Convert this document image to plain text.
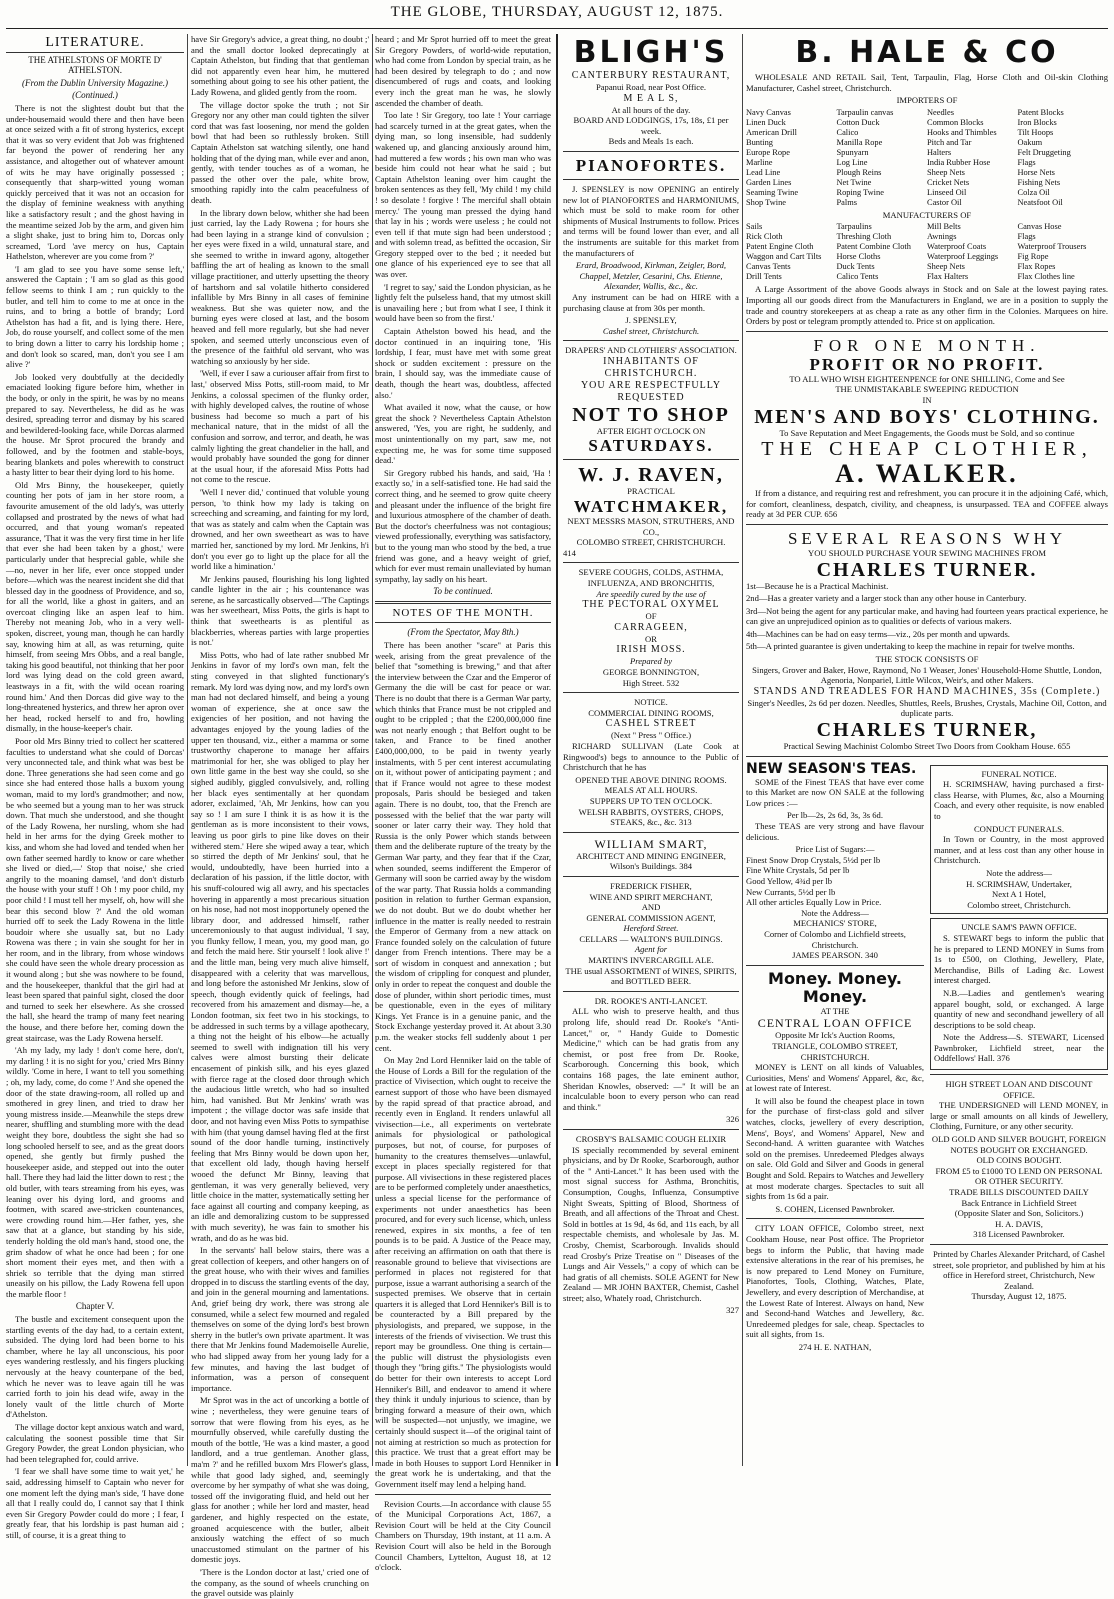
THE GLOBE, THURSDAY, AUGUST 12, 1875.
LITERATURE.
THE ATHELSTONS OF MORTE D' ATHELSTON.
(From the Dublin University Magazine.)
(Continued.)

There is not the slightest doubt but that the under-housemaid would there and then have been at once seized with a fit of strong hysterics, except that it was so very evident that Job was frightened far beyond the power of rendering her any assistance, and altogether out of whatever amount of wits he may have originally possessed ; consequently that sharp-witted young woman quickly perceived that it was not an occasion for the display of feminine weakness with anything like a satisfactory result ; and the ghost having in the meantime seized Job by the arm, and given him a slight shake, just to bring him to, Dorcas only screamed, 'Lord 'ave mercy on hus, Captain Hathelston, wherever are you come from ?'

'I am glad to see you have some sense left,' answered the Captain ; 'I am so glad as this good fellow seems to think I am ; run quickly to the butler, and tell him to come to me at once in the ruins, and to bring a bottle of brandy; Lord Athelston has had a fit, and is lying there. Here, Job, do rouse yourself, and collect some of the men to bring down a litter to carry his lordship home ; and don't look so scared, man, don't you see I am alive ?'

Job looked very doubtfully at the decidedly emaciated looking figure before him, whether in the body, or only in the spirit, he was by no means prepared to say. Nevertheless, he did as he was desired, spreading terror and dismay by his scared and bewildered-looking face, while Dorcas alarmed the house. Mr Sprot procured the brandy and followed, and by the footmen and stable-boys, bearing blankets and poles wherewith to construct a hasty litter to bear their dying lord to his home.

Old Mrs Binny, the housekeeper, quietly counting her pots of jam in her store room, a favourite amusement of the old lady's, was utterly collapsed and prostrated by the news of what had occurred, and that young woman's repeated assurance, 'That it was the very first time in her life that ever she had been taken by a ghost,' were particularly under that hesprecial gable, while she—no, never in her life, ever once stopped under before—which was the nearest incident she did that blessed day in the goodness of Providence, and so, for all the world, like a ghost in gaiters, and an overcoat clinging like an aspen leaf to him. Thereby not meaning Job, who in a very well-spoken, discreet, young man, though he can hardly say, knowing him at all, as was returning, quite himself, from seeing Mrs Obbs, and a real bangle, taking his good beautiful, not thinking that her poor lord was lying dead on the cold green award, leastways in a fit, with the wild ocean roaring round him.' And then Dorcas did give way to the long-threatened hysterics, and threw her apron over her head, rocked herself to and fro, howling dismally, in the house-keeper's chair.

Poor old Mrs Binny tried to collect her scattered faculties to understand what she could of Dorcas' very unconnected tale, and think what was best be done. Three generations she had seen come and go since she had entered those halls a buxom young woman, maid to my lord's grandmother; and now, be who seemed but a young man to her was struck down. That much she understood, and she thought of the Lady Rowena, her nursling, whom she had held in her arms for the dying Greek mother to kiss, and whom she had loved and tended when her own father seemed hardly to know or care whether she lived or died,—' Stop that noise,' she cried angrily to the moaning damsel, 'and don't disturb the house with your stuff ! Oh ! my poor child, my poor child ! I must tell her myself, oh, how will she bear this second blow ?' And the old woman hurried off to seek the Lady Rowena in the little boudoir where she usually sat, but no Lady Rowena was there ; in vain she sought for her in her room, and in the library, from whose windows she could have seen the whole dreary procession as it wound along ; but she was nowhere to be found, and the housekeeper, thankful that the girl had at least been spared that painful sight, closed the door and turned to seek her elsewhere. As she crossed the hall, she heard the tramp of many feet nearing the house, and there before her, coming down the great staircase, was the Lady Rowena herself.

'Ah my lady, my lady ! don't come here, don't, my darling ! it is no sight for you,' cried Mrs Binny wildly. 'Come in here, I want to tell you something ; oh, my lady, come, do come !' And she opened the door of the state drawing-room, all rolled up and smothered in grey linen, and tried to draw her young mistress inside.—Meanwhile the steps drew nearer, shuffling and stumbling more with the dead weight they bore, doubtless the sight she had so long schooled herself to see, and as the great doors opened, she gently but firmly pushed the housekeeper aside, and stepped out into the outer hall. There they had laid the litter down to rest ; the old butler, with tears streaming from his eyes, was leaning over his dying lord, and grooms and footmen, with scared awe-stricken countenances, were crowding round him.—Her father, yes, she saw that at a glance, but standing by his side, tenderly holding the old man's hand, stood one, the grim shadow of what he once had been ; for one short moment their eyes met, and then with a shriek so terrible that the dying man stirred uneasily on his pillow, the Lady Rowena fell upon the marble floor !

Chapter V.

The bustle and excitement consequent upon the startling events of the day had, to a certain extent, subsided. The dying lord had been borne to his chamber, where he lay all unconscious, his poor eyes wandering restlessly, and his fingers plucking nervously at the heavy counterpane of the bed, which he never was to leave again till he was carried forth to join his dead wife, away in the lonely vault of the little church of Morte d'Athelston.

The village doctor kept anxious watch and ward, calculating the soonest possible time that Sir Gregory Powder, the great London physician, who had been telegraphed for, could arrive.

'I fear we shall have some time to wait yet,' he said, addressing himself to Captain who never for one moment left the dying man's side, 'I have done all that I really could do, I cannot say that I think even Sir Gregory Powder could do more ; I fear, I greatly fear, that his lordship is past human aid ; still, of course, it is a great thing to

have Sir Gregory's advice, a great thing, no doubt ;' and the small doctor looked deprecatingly at Captain Athelston, but finding that that gentleman did not apparently even hear him, he muttered something about going to see his other patient, the Lady Rowena, and glided gently from the room.

The village doctor spoke the truth ; not Sir Gregory nor any other man could tighten the silver cord that was fast loosening, nor mend the golden bowl that had been so ruthlessly broken. Still Captain Athelston sat watching silently, one hand holding that of the dying man, while ever and anon, gently, with tender touches as of a woman, he passed the other over the pale, white brow, smoothing rapidly into the calm peacefulness of death.

In the library down below, whither she had been just carried, lay the Lady Rowena ; for hours she had been laying in a strange kind of convulsion ; her eyes were fixed in a wild, unnatural stare, and she seemed to writhe in inward agony, altogether baffling the art of healing as known to the small village practitioner, and utterly upsetting the theory of hartshorn and sal volatile hitherto considered infallible by Mrs Binny in all cases of feminine weakness. But she was quieter now, and the burning eyes were closed at last, and the bosom heaved and fell more regularly, but she had never spoken, and seemed utterly unconscious even of the presence of the faithful old servant, who was watching so anxiously by her side.

'Well, if ever I saw a curiouser affair from first to last,' observed Miss Potts, still-room maid, to Mr Jenkins, a colossal specimen of the flunky order, with highly developed calves, the routine of whose business had become so much a part of his mechanical nature, that in the midst of all the confusion and sorrow, and terror, and death, he was calmly lighting the great chandelier in the hall, and would probably have sounded the gong for dinner at the usual hour, if the aforesaid Miss Potts had not come to the rescue.

'Well I never did,' continued that voluble young person, 'to think how my lady is taking on screeching and screaming, and fainting for my lord, that was as stately and calm when the Captain was drowned, and her own sweetheart as was to have married her, sanctioned by my lord. Mr Jenkins, h'i don't you ever go to light up the place for all the world like a himination.'

Mr Jenkins paused, flourishing his long lighted candle lighter in the air ; his countenance was serene, as he sarcastically observed—'The Captings was her sweetheart, Miss Potts, the girls is hapt to think that sweethearts is as plentiful as blackberries, whereas parties with large properties is not.'

Miss Potts, who had of late rather snubbed Mr Jenkins in favor of my lord's own man, felt the sting conveyed in that slighted functionary's remark. My lord was dying now, and my lord's own man had not declared himself, and being a young woman of experience, she at once saw the exigencies of her position, and not having the advantages enjoyed by the young ladies of the upper ten thousand, viz., either a mamma or some trustworthy chaperone to manage her affairs matrimonial for her, she was obliged to play her own little game in the best way she could, so she sighed audibly, giggled convulsively, and, rolling her black eyes sentimentally at her quondam adorer, exclaimed, 'Ah, Mr Jenkins, how can you say so ! I am sure I think it is as how it is the gentleman as is more inconsistent to their vows, leaving us poor girls to pine like doves on their withered stem.' Here she wiped away a tear, which so stirred the depth of Mr Jenkins' soul, that he would, undoubtedly, have been hurried into a declaration of his passion, if the little doctor, with his snuff-coloured wig all awry, and his spectacles hovering in apparently a most precarious situation on his nose, had not most inopportunely opened the library door, and addressed himself, rather unceremoniously to that august individual, 'I say, you flunky fellow, I mean, you, my good man, go and fetch the maid here. Stir yourself ! look alive !' and the little man, being very much alive himself, disappeared with a celerity that was marvellous, and long before the astonished Mr Jenkins, slow of speech, though evidently quick of feelings, had recovered from his amazement and dismay—he, a London footman, six feet two in his stockings, to be addressed in such terms by a village apothecary, a thing not the height of his elbow—he actually seemed to swell with indignation till his very calves were almost bursting their delicate encasement of pinkish silk, and his eyes glazed with fierce rage at the closed door through which the audacious little wretch, who had so insulted him, had vanished. But Mr Jenkins' wrath was impotent ; the village doctor was safe inside that door, and not having even Miss Potts to sympathise with him (that young damsel having fled at the first sound of the door handle turning, instinctively feeling that Mrs Binny would be down upon her, that excellent old lady, though having herself wooed the defunct Mr Binny, leaving that gentleman, it was very generally believed, very little choice in the matter, systematically setting her face against all courting and company keeping, as an idle and demoralizing custom to be suppressed with much severity), he was fain to smother his wrath, and do as he was bid.

In the servants' hall below stairs, there was a great collection of keepers, and other hangers on of the great house, who with their wives and families dropped in to discuss the startling events of the day, and join in the general mourning and lamentations. And, grief being dry work, there was strong ale consumed, while a select few mourned and regaled themselves on some of the dying lord's best brown sherry in the butler's own private apartment. It was there that Mr Jenkins found Mademoiselle Aurelie, who had slipped away from her young lady for a few minutes, and having the last budget of information, was a person of consequent importance.

Mr Sprot was in the act of uncorking a bottle of wine ; nevertheless, they were genuine tears of sorrow that were flowing from his eyes, as he mournfully observed, while carefully dusting the mouth of the bottle, 'He was a kind master, a good landlord, and a true gentleman. Another glass, ma'm ?' and he refilled buxom Mrs Flower's glass, while that good lady sighed, and, seemingly overcome by her sympathy of what she was doing, tossed off the invigorating fluid, and held out her glass for another ; while her lord and master, head gardener, and highly respected on the estate, groaned acquiescence with the butler, albeit anxiously watching the effect of so much unaccustomed stimulant on the partner of his domestic joys.

'There is the London doctor at last,' cried one of the company, as the sound of wheels crunching on the gravel outside was plainly

heard ; and Mr Sprot hurried off to meet the great Sir Gregory Powders, of world-wide reputation, who had come from London by special train, as he had been desired by telegraph to do ; and now disencumbered of rugs and coats, and looking every inch the great man he was, he slowly ascended the chamber of death.

Too late ! Sir Gregory, too late ! Your carriage had scarcely turned in at the great gates, when the dying man, so long insensible, had suddenly wakened up, and glancing anxiously around him, had muttered a few words ; his own man who was beside him could not hear what he said ; but Captain Athelston leaning over him caught the broken sentences as they fell, 'My child ! my child ! so desolate ! forgive ! The merciful shall obtain mercy.' The young man pressed the dying hand that lay in his ; words were useless ; he could not even tell if that mute sign had been understood ; and with solemn tread, as befitted the occasion, Sir Gregory stepped over to the bed ; it needed but one glance of his experienced eye to see that all was over.

'I regret to say,' said the London physician, as he lightly felt the pulseless hand, that my utmost skill is unavailing here ; but from what I see, I think it would have been so from the first.'

Captain Athelston bowed his head, and the doctor continued in an inquiring tone, 'His lordship, I fear, must have met with some great shock or sudden excitement : pressure on the brain, I should say, was the immediate cause of death, though the heart was, doubtless, affected also.'

What availed it now, what the cause, or how great the shock ? Nevertheless Captain Athelston answered, 'Yes, you are right, he suddenly, and most unintentionally on my part, saw me, not expecting me, he was for some time supposed dead.'

Sir Gregory rubbed his hands, and said, 'Ha ! exactly so,' in a self-satisfied tone. He had said the correct thing, and he seemed to grow quite cheery and pleasant under the influence of the bright fire and luxurious atmosphere of the chamber of death. But the doctor's cheerfulness was not contagious; viewed professionally, everything was satisfactory, but to the young man who stood by the bed, a true friend was gone, and a heavy weight of grief, which for ever must remain unalleviated by human sympathy, lay sadly on his heart.

To be continued.
NOTES OF THE MONTH.
(From the Spectator, May 8th.)

There has been another "scare" at Paris this week, arising from the great prevalence of the belief that "something is brewing," and that after the interview between the Czar and the Emperor of Germany the die will be cast for peace or war. There is no doubt that there is a German War party, which thinks that France must be not crippled and ought to be crippled ; that the £200,000,000 fine was not nearly enough ; that Belfort ought to be taken, and France to be fined another £400,000,000, to be paid in twenty yearly instalments, with 5 per cent interest accumulating on it, without power of anticipating payment ; and that if France would not agree to these modest proposals, Paris should be besieged and taken again. There is no doubt, too, that the French are possessed with the belief that the war party will sooner or later carry their way. They hold that Russia is the only Power which stands between them and the deliberate rupture of the treaty by the German War party, and they fear that if the Czar, when sounded, seems indifferent the Emperor of Germany will soon be carried away by the wisdom of the war party. That Russia holds a commanding position in relation to further German expansion, we do not doubt. But we do doubt whether her influence in the matter is really needed to restrain the Emperor of Germany from a new attack on France founded solely on the calculation of future danger from French intentions. There may be a sort of wisdom in conquest and annexation ; but the wisdom of crippling for conquest and plunder, only in order to repeat the conquest and double the dose of plunder, within short periodic times, must be questionable, even in the eyes of military Kings. Yet France is in a genuine panic, and the Stock Exchange yesterday proved it. At about 3.30 p.m. the weaker stocks fell suddenly about 1 per cent.

On May 2nd Lord Henniker laid on the table of the House of Lords a Bill for the regulation of the practice of Vivisection, which ought to receive the earnest support of those who have been dismayed by the rapid spread of that practice abroad, and recently even in England. It renders unlawful all vivisection—i.e., all experiments on vertebrate animals for physiological or pathological purposes, but not, of course, for purposes of humanity to the creatures themselves—unlawful, except in places specially registered for that purpose. All vivisections in these registered places are to be performed completely under anaesthetics, unless a special license for the performance of experiments not under anaesthetics has been procured, and for every such license, which, unless renewed, expires in six months, a fee of ten pounds is to be paid. A Justice of the Peace may, after receiving an affirmation on oath that there is reasonable ground to believe that vivisections are performed in places not registered for that purpose, issue a warrant authorising a search of the suspected premises. We observe that in certain quarters it is alleged that Lord Henniker's Bill is to be counteracted by a Bill prepared by the physiologists, and prepared, we suppose, in the interests of the friends of vivisection. We trust this report may be groundless. One thing is certain—the public will distrust the physiologists even though they "bring gifts." The physiologists would do better for their own interests to accept Lord Henniker's Bill, and endeavor to amend it where they think it unduly injurious to science, than by bringing forward a measure of their own, which will be suspected—not unjustly, we imagine, we certainly should suspect it—of the original taint of not aiming at restriction so much as protection for this practice. We trust that a great effort may be made in both Houses to support Lord Henniker in the great work he is undertaking, and that the Government itself may lend a helping hand.

Revision Courts.—In accordance with clause 55 of the Municipal Corporations Act, 1867, a Revision Court will be held at the City Council Chambers on Thursday, 19th instant, at 11 a.m. A Revision Court will also be held in the Borough Council Chambers, Lyttelton, August 18, at 12 o'clock.

BLIGH'S
CANTERBURY RESTAURANT,
Papanui Road, near Post Office.
M E A L S,
At all hours of the day.
BOARD AND LODGINGS, 17s, 18s, £1 per week.
Beds and Meals 1s each.
PIANOFORTES.

J. SPENSLEY is now OPENING an entirely new lot of PIANOFORTES and HARMONIUMS, which must be sold to make room for other shipments of Musical Instruments to follow. Prices and terms will be found lower than ever, and all the instruments are suitable for this market from the manufacturers of

Erard, Broadwood, Kirkman, Zeigler, Bord, Chappel, Metzler, Cesarini, Chs. Etienne, Alexander, Wallis, &c., &c.

Any instrument can be had on HIRE with a purchasing clause at from 30s per month.

J. SPENSLEY,
Cashel street, Christchurch.
DRAPERS' AND CLOTHIERS' ASSOCIATION.
INHABITANTS OF CHRISTCHURCH.
YOU ARE RESPECTFULLY REQUESTED
NOT TO SHOP
AFTER EIGHT O'CLOCK ON
SATURDAYS.
W. J. RAVEN,
PRACTICAL
WATCHMAKER,
NEXT MESSRS MASON, STRUTHERS, AND CO.,
COLOMBO STREET, CHRISTCHURCH.
414
SEVERE COUGHS, COLDS, ASTHMA, INFLUENZA, AND BRONCHITIS,
Are speedily cured by the use of
THE PECTORAL OXYMEL
OF
CARRAGEEN,
OR
IRISH MOSS.
Prepared by
GEORGE BONNINGTON,
High Street. 532
NOTICE.
COMMERCIAL DINING ROOMS,
CASHEL STREET
(Next " Press " Office.)

RICHARD SULLIVAN (Late Cook at Ringwood's) begs to announce to the Public of Christchurch that he has

OPENED THE ABOVE DINING ROOMS.
MEALS AT ALL HOURS.
SUPPERS UP TO TEN O'CLOCK.
WELSH RABBITS, OYSTERS, CHOPS,
STEAKS, &c., &c. 313
WILLIAM SMART,
ARCHITECT AND MINING ENGINEER,
Wilson's Buildings. 384
FREDERICK FISHER,
WINE AND SPIRIT MERCHANT,
AND
GENERAL COMMISSION AGENT,
Hereford Street.
CELLARS — WALTON'S BUILDINGS.
Agent for
MARTIN'S INVERCARGILL ALE.
THE usual ASSORTMENT of WINES, SPIRITS, and BOTTLED BEER.
DR. ROOKE'S ANTI-LANCET.

ALL who wish to preserve health, and thus prolong life, should read Dr. Rooke's "Anti-Lancet," or, " Handy Guide to Domestic Medicine," which can be had gratis from any chemist, or post free from Dr. Rooke, Scarborough. Concerning this book, which contains 168 pages, the late eminent author, Sheridan Knowles, observed: —" It will be an incalculable boon to every person who can read and think."

326
CROSBY'S BALSAMIC COUGH ELIXIR

IS specially recommended by several eminent physicians, and by Dr Rooke, Scarborough, author of the " Anti-Lancet." It has been used with the most signal success for Asthma, Bronchitis, Consumption, Coughs, Influenza, Consumptive Night Sweats, Spitting of Blood, Shortness of Breath, and all affections of the Throat and Chest. Sold in bottles at 1s 9d, 4s 6d, and 11s each, by all respectable chemists, and wholesale by Jas. M. Crosby, Chemist, Scarborough. Invalids should read Crosby's Prize Treatise on " Diseases of the Lungs and Air Vessels," a copy of which can be had gratis of all chemists. SOLE AGENT for New Zealand — MR JOHN BAXTER, Chemist, Cashel street; also, Whately road, Christchurch.

327
B. HALE & CO

WHOLESALE AND RETAIL Sail, Tent, Tarpaulin, Flag, Horse Cloth and Oil-skin Clothing Manufacturer, Cashel street, Christchurch.

IMPORTERS OF
Navy Canvas	Tarpaulin canvas	Needles	Patent Blocks
Linen Duck	Cotton Duck	Common Blocks	Iron Blocks
American Drill	Calico	Hooks and Thimbles	Tilt Hoops
Bunting	Manilla Rope	Pitch and Tar	Oakum
Europe Rope	Spunyarn	Halters	Felt Druggeting
Marline	Log Line	India Rubber Hose	Flags
Lead Line	Plough Reins	Sheep Nets	Horse Nets
Garden Lines	Net Twine	Cricket Nets	Fishing Nets
Seaming Twine	Roping Twine	Linseed Oil	Colza Oil
Shop Twine	Palms	Castor Oil	Neatsfoot Oil
MANUFACTURERS OF
Sails	Tarpaulins	Mill Belts	Canvas Hose
Rick Cloth	Threshing Cloth	Awnings	Flags
Patent Engine Cloth	Patent Combine Cloth	Waterproof Coats	Waterproof Trousers
Waggon and Cart Tilts	Horse Cloths	Waterproof Leggings	Fig Rope
Canvas Tents	Duck Tents	Sheep Nets	Flax Ropes
Drill Tents	Calico Tents	Flax Halters	Flax Clothes line

A Large Assortment of the above Goods always in Stock and on Sale at the lowest paying rates. Importing all our goods direct from the Manufacturers in England, we are in a position to supply the trade and country storekeepers at as cheap a rate as any other firm in the Colonies. Marquees on hire. Orders by post or telegram promptly attended to. Price st on application.

FOR ONE MONTH.
PROFIT OR NO PROFIT.
TO ALL WHO WISH EIGHTEENPENCE for ONE SHILLING, Come and See
THE UNMISTAKABLE SWEEPING REDUCTION
IN
MEN'S AND BOYS' CLOTHING.
To Save Reputation and Meet Engagements, the Goods must be Sold, and so continue
THE CHEAP CLOTHIER,
A. WALKER.

If from a distance, and requiring rest and refreshment, you can procure it in the adjoining Café, which, for comfort, cleanliness, despatch, civility, and cheapness, is unsurpassed. TEA and COFFEE always ready at 3d PER CUP. 656

SEVERAL REASONS WHY
YOU SHOULD PURCHASE YOUR SEWING MACHINES FROM
CHARLES TURNER.

1st—Because he is a Practical Machinist.

2nd—Has a greater variety and a larger stock than any other house in Canterbury.

3rd—Not being the agent for any particular make, and having had fourteen years practical experience, he can give an unprejudiced opinion as to qualities or defects of various makers.

4th—Machines can be had on easy terms—viz., 20s per month and upwards.

5th—A printed guarantee is given undertaking to keep the machine in repair for twelve months.

THE STOCK CONSISTS OF
Singers, Grover and Baker, Howe, Raymond, No 1 Weaser, Jones' Household-Home Shuttle, London, Agenoria, Nonpariel, Little Wilcox, Weir's, and other Makers.
STANDS AND TREADLES FOR HAND MACHINES, 35s (Complete.)
Singer's Needles, 2s 6d per dozen. Needles, Shuttles, Reels, Brushes, Crystals, Machine Oil, Cotton, and duplicate parts.
CHARLES TURNER,
Practical Sewing Machinist Colombo Street Two Doors from Cookham House. 655
NEW SEASON'S TEAS.

SOME of the Finest TEAS that have ever come to this Market are now ON SALE at the following Low prices :—

Per lb—2s, 2s 6d, 3s, 3s 6d.

These TEAS are very strong and have flavour delicious.

Price List of Sugars:—
Finest Snow Drop Crystals, 5½d per lb
Fine White Crystals, 5d per lb
Good Yellow, 4¾d per lb
New Currants, 5½d per lb
All other articles Equally Low in Price.
Note the Address—
MECHANICS' STORE,
Corner of Colombo and Lichfield streets, Christchurch.
JAMES PEARSON. 340
Money. Money. Money.
AT THE
CENTRAL LOAN OFFICE
Opposite Mr Ick's Auction Rooms,
TRIANGLE, COLOMBO STREET,
CHRISTCHURCH.

MONEY is LENT on all kinds of Valuables, Curiosities, Mens' and Womens' Apparel, &c, &c, at lowest rate of Interest.

It will also be found the cheapest place in town for the purchase of first-class gold and silver watches, clocks, jewellery of every description, Mens', Boys', and Womens' Apparel, New and Second-hand. A written guarantee with Watches sold on the premises. Unredeemed Pledges always on sale. Old Gold and Silver and Goods in general Bought and Sold. Repairs to Watches and Jewellery at most moderate charges. Spectacles to suit all sights from 1s 6d a pair.

S. COHEN, Licensed Pawnbroker.

CITY LOAN OFFICE, Colombo street, next Cookham House, near Post office. The Proprietor begs to inform the Public, that having made extensive alterations in the rear of his premises, he is now prepared to Lend Money on Furniture, Pianofortes, Tools, Clothing, Watches, Plate, Jewellery, and every description of Merchandise, at the Lowest Rate of Interest. Always on hand, New and Second-hand Watches and Jewellery, &c. Unredeemed pledges for sale, cheap. Spectacles to suit all sights, from 1s.

274 H. E. NATHAN,
FUNERAL NOTICE.

H. SCRIMSHAW, having purchased a first-class Hearse, with Plumes, &c, also a Mourning Coach, and every other requisite, is now enabled to

CONDUCT FUNERALS.

In Town or Country, in the most approved manner, and at less cost than any other house in Christchurch.

Note the address—
H. SCRIMSHAW, Undertaker,
Next A 1 Hotel,
Colombo street, Christchurch.
UNCLE SAM'S PAWN OFFICE.

S. STEWART begs to inform the public that he is prepared to LEND MONEY in Sums from 1s to £500, on Clothing, Jewellery, Plate, Merchandise, Bills of Lading &c. Lowest interest charged.

N.B.—Ladies and gentlemen's wearing apparel bought, sold, or exchanged. A large quantity of new and secondhand jewellery of all descriptions to be sold cheap.

Note the Address—S. STEWART, Licensed Pawnbroker, Lichfield street, near the Oddfellows' Hall. 376

HIGH STREET LOAN AND DISCOUNT OFFICE.

THE UNDERSIGNED will LEND MONEY, in large or small amounts on all kinds of Jewellery, Clothing, Furniture, or any other security.

OLD GOLD AND SILVER BOUGHT, FOREIGN NOTES BOUGHT OR EXCHANGED.
OLD COINS BOUGHT.
FROM £5 to £1000 TO LEND ON PERSONAL OR OTHER SECURITY.
TRADE BILLS DISCOUNTED DAILY
Back Entrance in Lichfield Street
(Opposite Slater and Son, Solicitors.)
H. A. DAVIS,
318 Licensed Pawnbroker.
Printed by Charles Alexander Pritchard, of Cashel street, sole proprietor, and published by him at his office in Hereford street, Christchurch, New Zealand.
Thursday, August 12, 1875.
